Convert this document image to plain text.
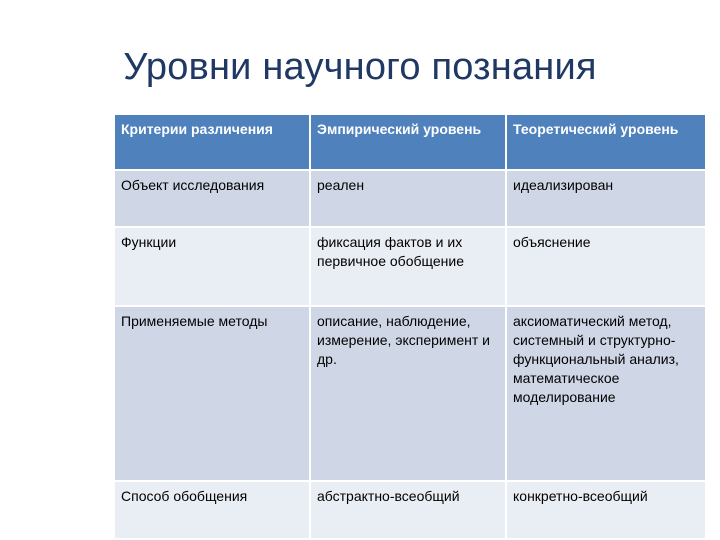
Уровни научного познания
Критерии различения	Эмпирический уровень	Теоретический уровень
Объект исследования	реален	идеализирован
Функции	фиксация фактов и их первичное обобщение	объяснение
Применяемые методы	описание, наблюдение, измерение, эксперимент и др.	аксиоматический метод, системный и структурно-функциональный анализ, математическое моделирование
Способ обобщения	абстрактно-всеобщий	конкретно-всеобщий
